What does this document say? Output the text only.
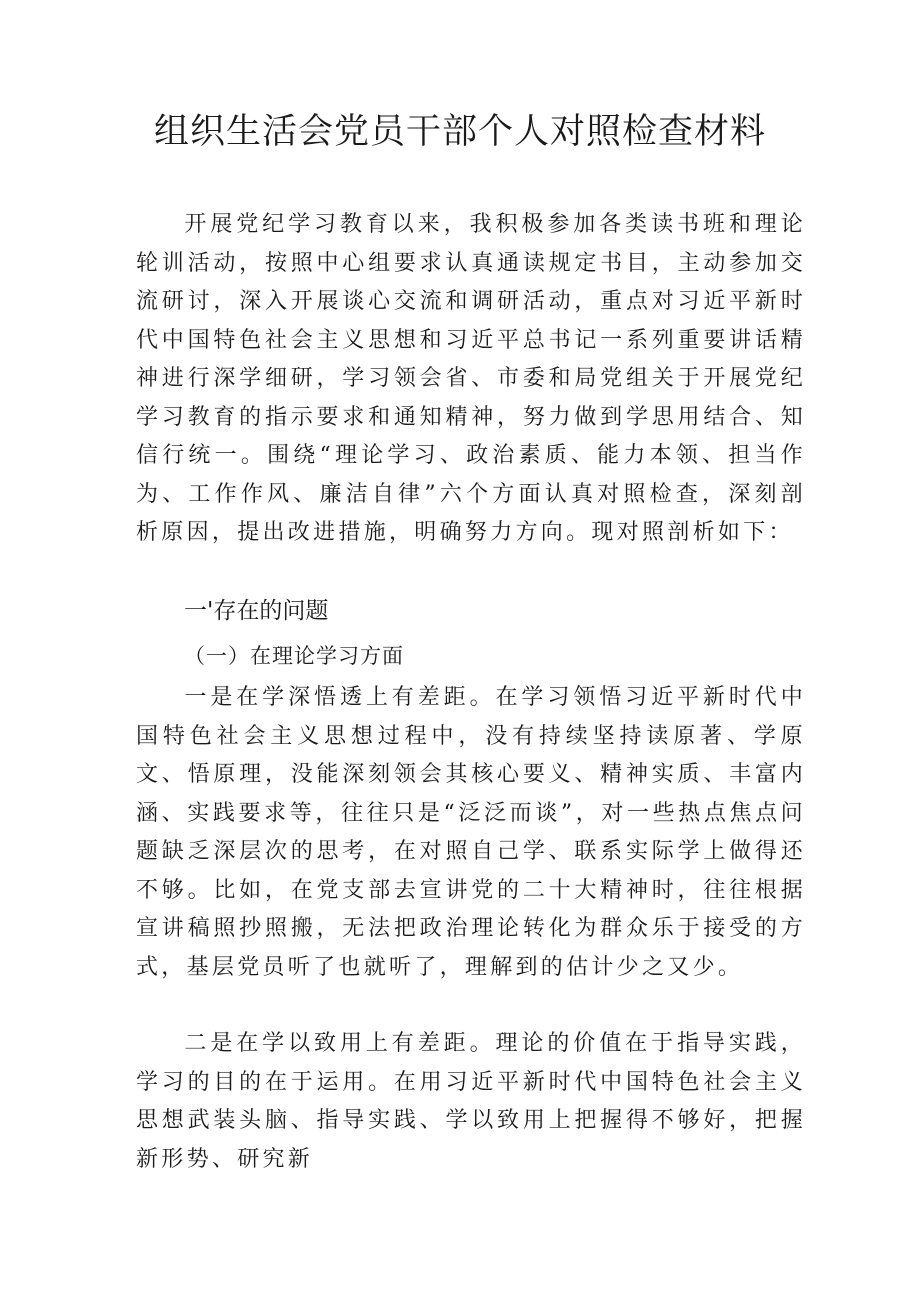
组织生活会党员干部个人对照检查材料

开展党纪学习教育以来，我积极参加各类读书班和理论轮训活动，按照中心组要求认真通读规定书目，主动参加交流研讨，深入开展谈心交流和调研活动，重点对习近平新时代中国特色社会主义思想和习近平总书记一系列重要讲话精神进行深学细研，学习领会省、市委和局党组关于开展党纪学习教育的指示要求和通知精神，努力做到学思用结合、知信行统一。围绕“理论学习、政治素质、能力本领、担当作为、工作作风、廉洁自律”六个方面认真对照检查，深刻剖析原因，提出改进措施，明确努力方向。现对照剖析如下：

一'存在的问题
（一）在理论学习方面

一是在学深悟透上有差距。在学习领悟习近平新时代中国特色社会主义思想过程中，没有持续坚持读原著、学原文、悟原理，没能深刻领会其核心要义、精神实质、丰富内涵、实践要求等，往往只是“泛泛而谈”，对一些热点焦点问题缺乏深层次的思考，在对照自己学、联系实际学上做得还不够。比如，在党支部去宣讲党的二十大精神时，往往根据宣讲稿照抄照搬，无法把政治理论转化为群众乐于接受的方式，基层党员听了也就听了，理解到的估计少之又少。

二是在学以致用上有差距。理论的价值在于指导实践，学习的目的在于运用。在用习近平新时代中国特色社会主义思想武装头脑、指导实践、学以致用上把握得不够好，把握新形势、研究新
